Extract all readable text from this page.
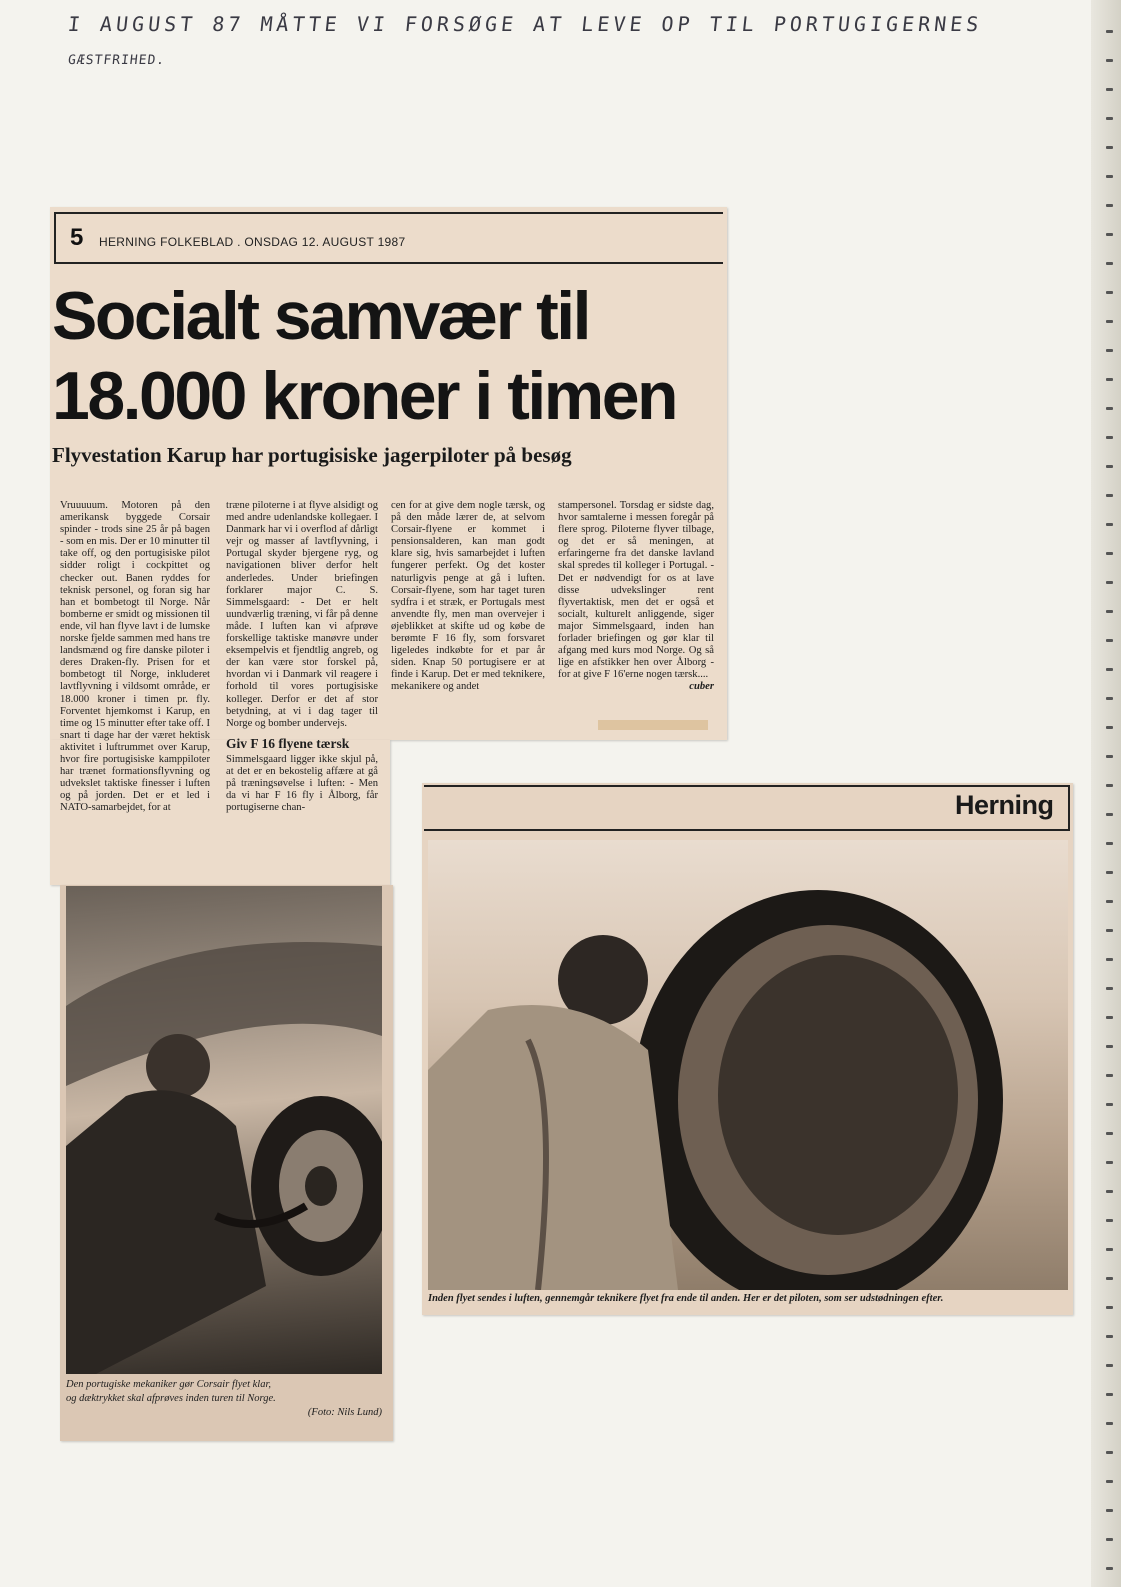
I AUGUST 87 MÅTTE VI FORSØGE AT LEVE OP TIL PORTUGIGERNES
GÆSTFRIHED.
5 HERNING FOLKEBLAD . ONSDAG 12. AUGUST 1987
Socialt samvær til
18.000 kroner i timen
Flyvestation Karup har portugisiske jagerpiloter på besøg

Vruuuuum. Motoren på den amerikansk byggede Corsair spinder - trods sine 25 år på bagen - som en mis. Der er 10 minutter til take off, og den portugisiske pilot sidder roligt i cockpittet og checker out. Banen ryddes for teknisk personel, og foran sig har han et bombetogt til Norge. Når bomberne er smidt og missionen til ende, vil han flyve lavt i de lumske norske fjelde sammen med hans tre landsmænd og fire danske piloter i deres Draken-fly. Prisen for et bombetogt til Norge, inkluderet lavtflyvning i vildsomt område, er 18.000 kroner i timen pr. fly. Forventet hjemkomst i Karup, en time og 15 minutter efter take off. I snart ti dage har der været hektisk aktivitet i luftrummet over Karup, hvor fire portugisiske kamppiloter har trænet formationsflyvning og udvekslet taktiske finesser i luften og på jorden. Det er et led i NATO-samarbejdet, for at

træne piloterne i at flyve alsidigt og med andre udenlandske kollegaer. I Danmark har vi i overflod af dårligt vejr og masser af lavtflyvning, i Portugal skyder bjergene ryg, og navigationen bliver derfor helt anderledes. Under briefingen forklarer major C. S. Simmelsgaard: - Det er helt uundværlig træning, vi får på denne måde. I luften kan vi afprøve forskellige taktiske manøvre under eksempelvis et fjendtlig angreb, og der kan være stor forskel på, hvordan vi i Danmark vil reagere i forhold til vores portugisiske kolleger. Derfor er det af stor betydning, at vi i dag tager til Norge og bomber undervejs.

Giv F 16 flyene tærsk

Simmelsgaard ligger ikke skjul på, at det er en bekostelig affære at gå på træningsøvelse i luften: - Men da vi har F 16 fly i Ålborg, får portugiserne chan-

cen for at give dem nogle tærsk, og på den måde lærer de, at selvom Corsair-flyene er kommet i pensionsalderen, kan man godt klare sig, hvis samarbejdet i luften fungerer perfekt. Og det koster naturligvis penge at gå i luften. Corsair-flyene, som har taget turen sydfra i et stræk, er Portugals mest anvendte fly, men man overvejer i øjeblikket at skifte ud og købe de berømte F 16 fly, som forsvaret ligeledes indkøbte for et par år siden. Knap 50 portugisere er at finde i Karup. Det er med teknikere, mekanikere og andet

stampersonel. Torsdag er sidste dag, hvor samtalerne i messen foregår på flere sprog. Piloterne flyver tilbage, og det er så meningen, at erfaringerne fra det danske lavland skal spredes til kolleger i Portugal. - Det er nødvendigt for os at lave disse udvekslinger rent flyvertaktisk, men det er også et socialt, kulturelt anliggende, siger major Simmelsgaard, inden han forlader briefingen og gør klar til afgang med kurs mod Norge. Og så lige en afstikker hen over Ålborg - for at give F 16'erne nogen tærsk....

cuber

Den portugiske mekaniker gør Corsair flyet klar,
og dæktrykket skal afprøves inden turen til Norge.
(Foto: Nils Lund)
Herning
Inden flyet sendes i luften, gennemgår teknikere flyet fra ende til anden. Her er det piloten, som ser udstødningen efter.
